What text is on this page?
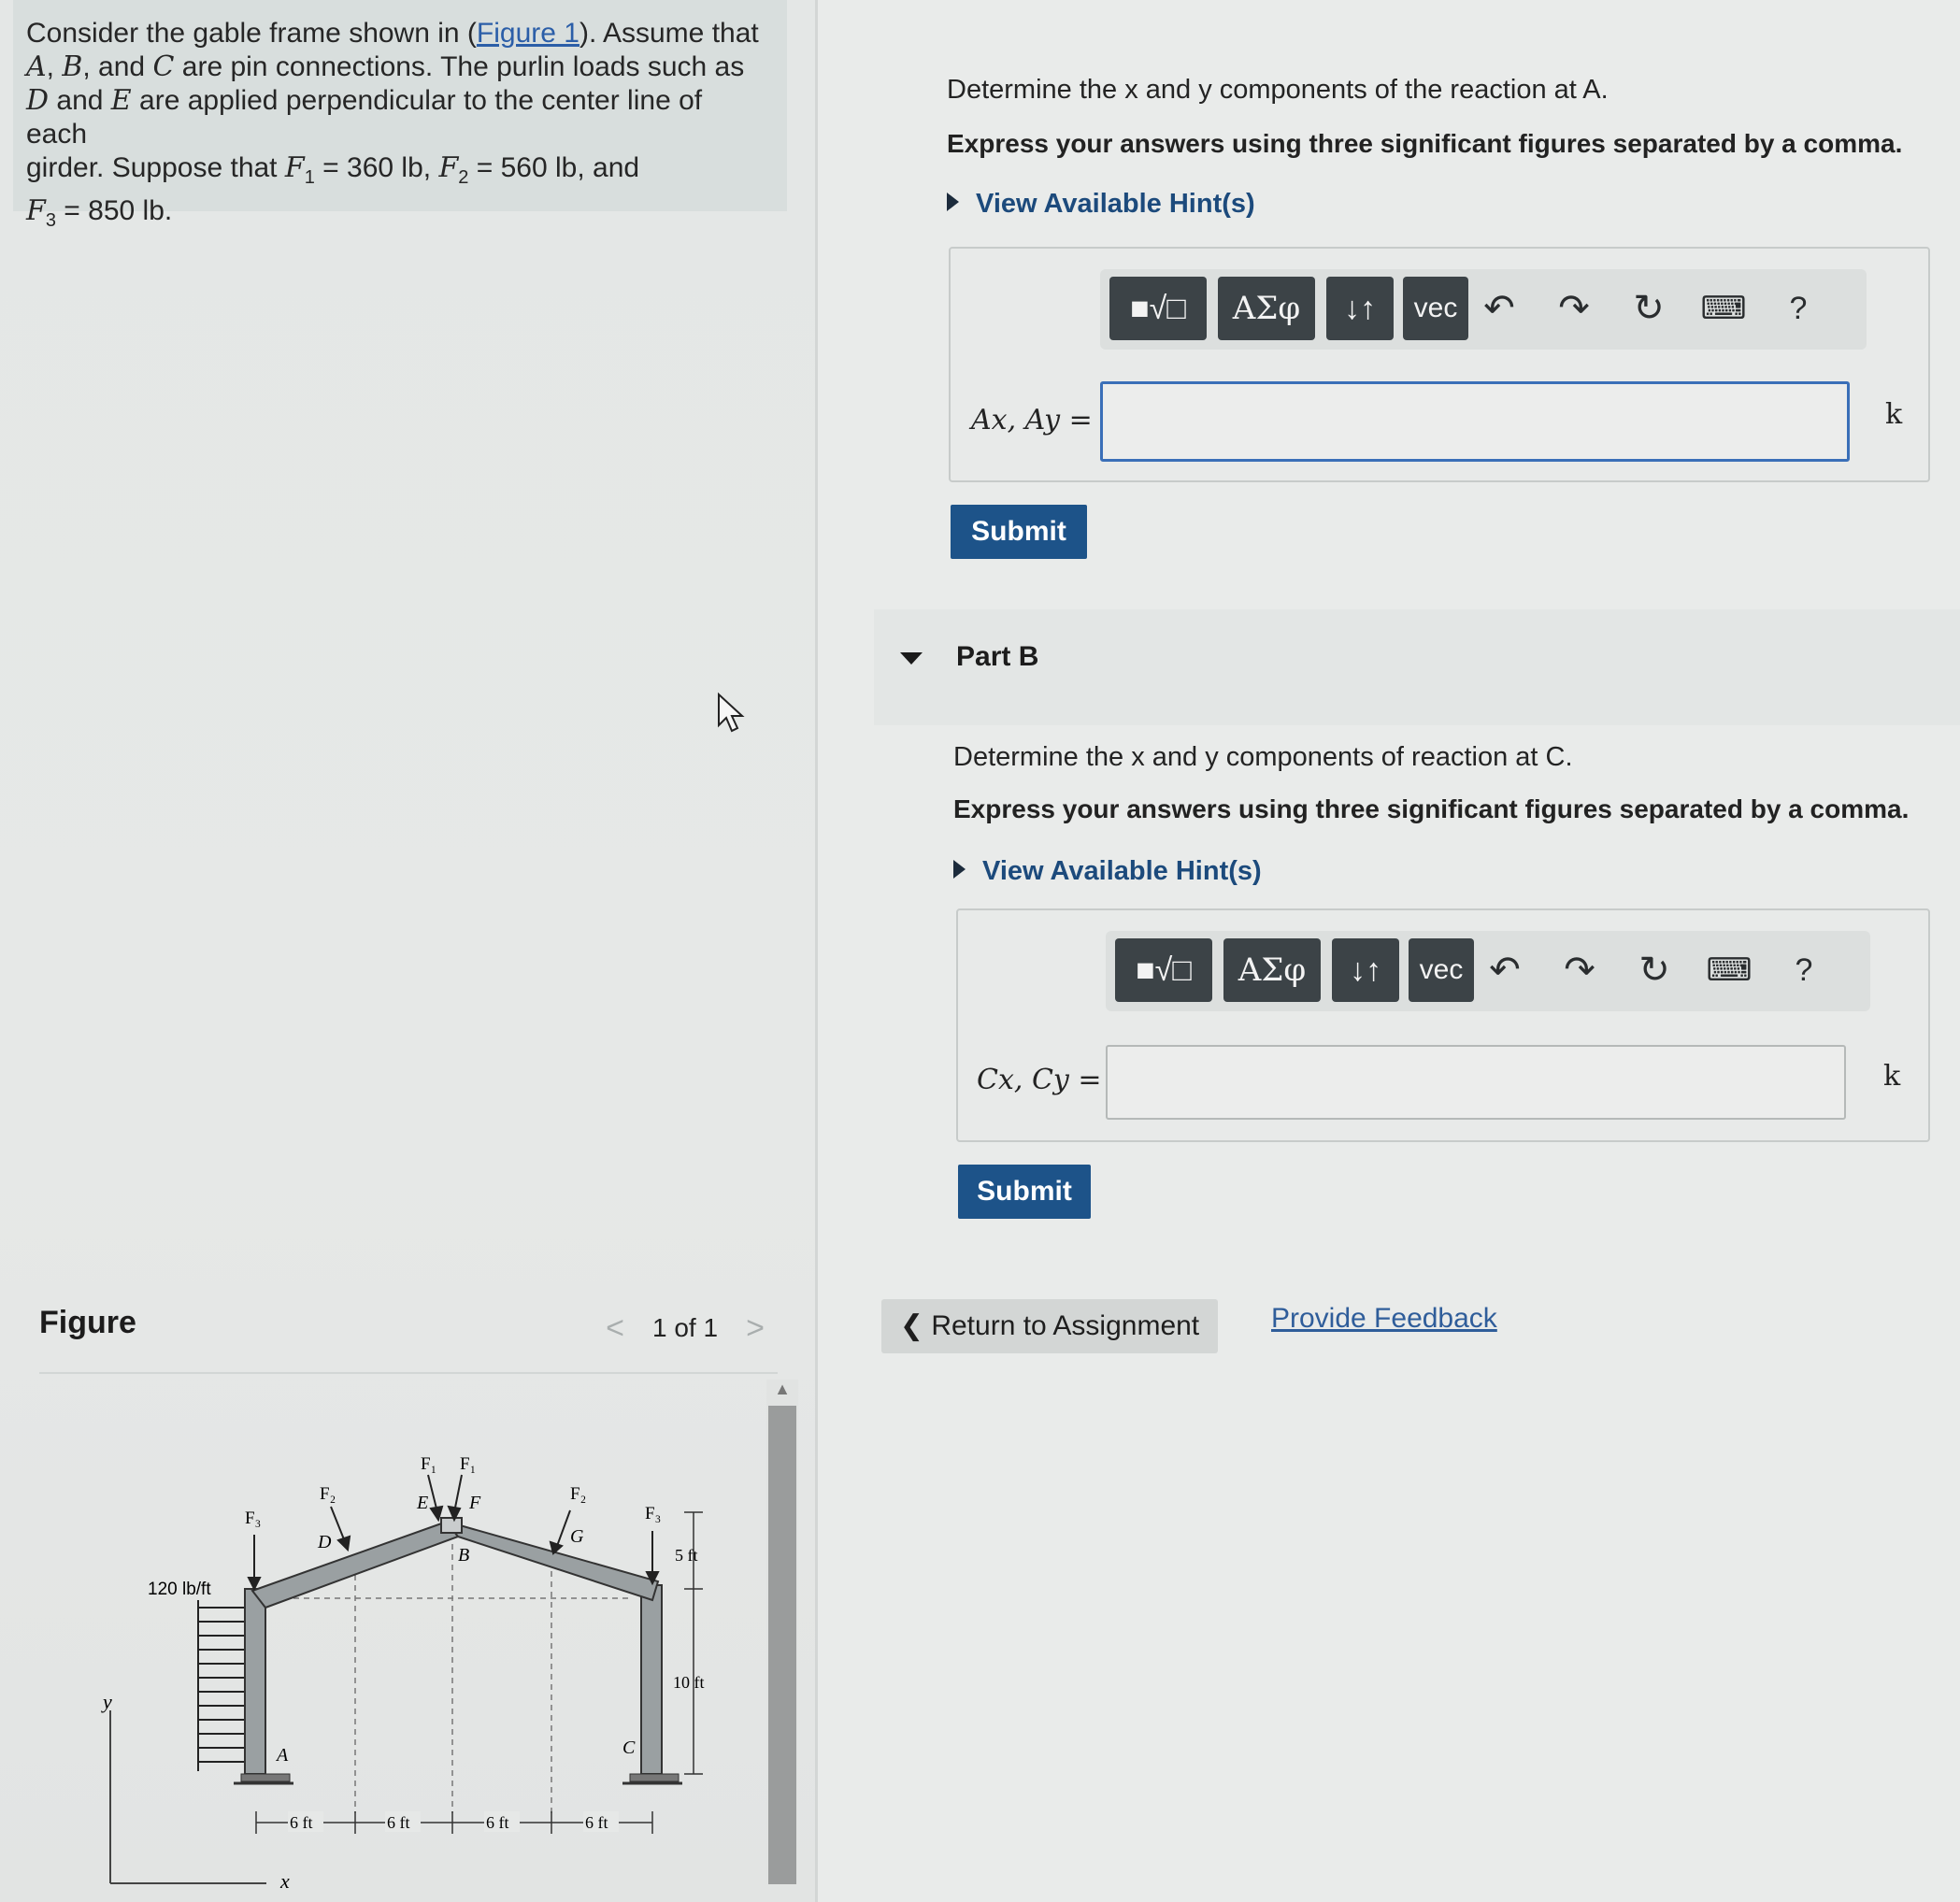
Consider the gable frame shown in (Figure 1). Assume that
A, B, and C are pin connections. The purlin loads such as
D and E are applied perpendicular to the center line of each
girder. Suppose that $F_1 = 360$ lb, $F_2 = 560$ lb, and
$F_3 = 850$ lb.
Figure	< 1 of 1 >
▲
y
x
120 lb/ft
F₃	F₃
F₂	F₂
F₁ F₁
D
E F
B
G
A	C
5 ft
10 ft
6 ft	6 ft	6 ft	6 ft
Determine the x and y components of the reaction at A.
Express your answers using three significant figures separated by a comma.
View Available Hint(s)
■√□	ΑΣφ	↓↑	vec ↶ ↷ ↻ ⌨	?
Ax, Ay =	k
Submit
Part B
Determine the x and y components of reaction at C.
Express your answers using three significant figures separated by a comma.
View Available Hint(s)
■√□	ΑΣφ	↓↑	vec ↶ ↷ ↻ ⌨	?
Cx, Cy =	k
Submit
❮ Return to Assignment	Provide Feedback
